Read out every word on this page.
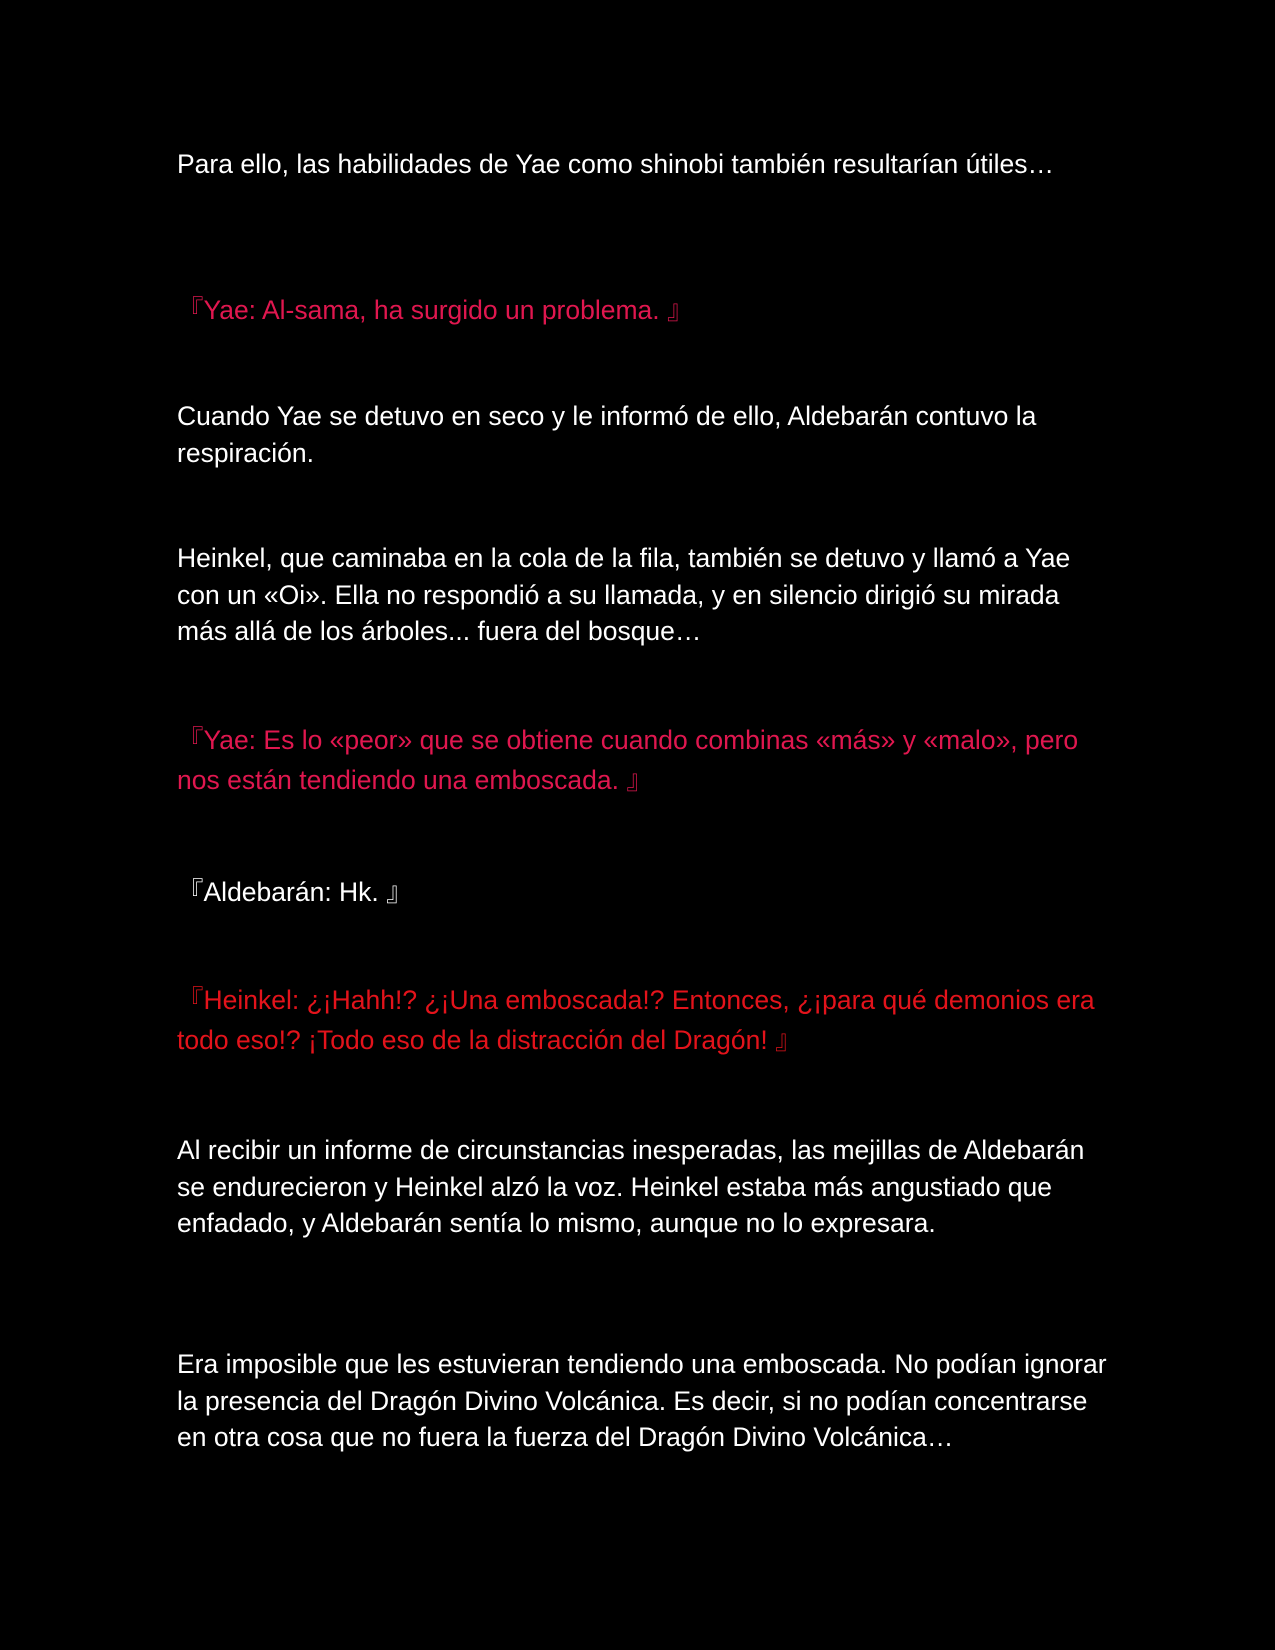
Para ello, las habilidades de Yae como shinobi también resultarían útiles…

『Yae: Al-sama, ha surgido un problema. 』

Cuando Yae se detuvo en seco y le informó de ello, Aldebarán contuvo la respiración.

Heinkel, que caminaba en la cola de la fila, también se detuvo y llamó a Yae con un «Oi». Ella no respondió a su llamada, y en silencio dirigió su mirada más allá de los árboles... fuera del bosque…

『Yae: Es lo «peor» que se obtiene cuando combinas «más» y «malo», pero nos están tendiendo una emboscada. 』

『Aldebarán: Hk. 』

『Heinkel: ¿¡Hahh!? ¿¡Una emboscada!? Entonces, ¿¡para qué demonios era todo eso!? ¡Todo eso de la distracción del Dragón! 』

Al recibir un informe de circunstancias inesperadas, las mejillas de Aldebarán se endurecieron y Heinkel alzó la voz. Heinkel estaba más angustiado que enfadado, y Aldebarán sentía lo mismo, aunque no lo expresara.

Era imposible que les estuvieran tendiendo una emboscada. No podían ignorar la presencia del Dragón Divino Volcánica. Es decir, si no podían concentrarse en otra cosa que no fuera la fuerza del Dragón Divino Volcánica…
